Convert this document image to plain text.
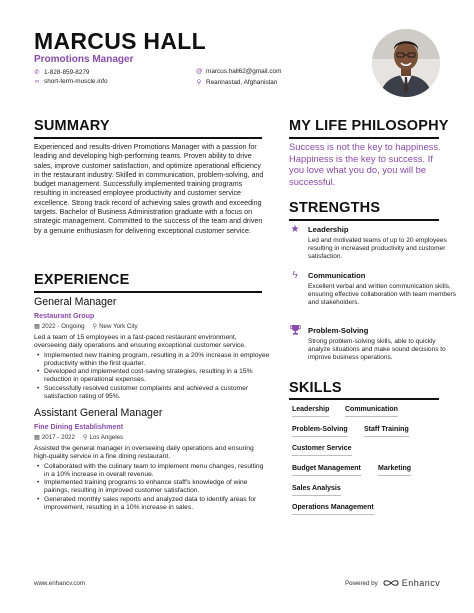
MARCUS HALL
Promotions Manager
✆ 1-828-859-8279
∞ short-term-muscle.info
@ marcus.hall62@gmail.com
⚲ Reannastad, Afghanistan
SUMMARY
Experienced and results-driven Promotions Manager with a passion for leading and developing high-performing teams. Proven ability to drive sales, improve customer satisfaction, and optimize operational efficiency in the restaurant industry. Skilled in communication, problem-solving, and budget management. Successfully implemented training programs resulting in increased employee productivity and customer service excellence. Strong track record of achieving sales growth and exceeding targets. Bachelor of Business Administration graduate with a focus on strategic management. Committed to the success of the team and driven by a genuine enthusiasm for delivering exceptional customer service.
EXPERIENCE
General Manager
Restaurant Group
▦ 2022 - Ongoing ⚲ New York City
Led a team of 15 employees in a fast-paced restaurant environment, overseeing daily operations and ensuring exceptional customer service.
• Implemented new training program, resulting in a 20% increase in employee productivity within the first quarter.
• Developed and implemented cost-saving strategies, resulting in a 15% reduction in operational expenses.
• Successfully resolved customer complaints and achieved a customer satisfaction rating of 95%.
Assistant General Manager
Fine Dining Establishment
▦ 2017 - 2022 ⚲ Los Angeles
Assisted the general manager in overseeing daily operations and ensuring high-quality service in a fine dining restaurant.
• Collaborated with the culinary team to implement menu changes, resulting in a 10% increase in overall revenue.
• Implemented training programs to enhance staff's knowledge of wine pairings, resulting in improved customer satisfaction.
• Generated monthly sales reports and analyzed data to identify areas for improvement, resulting in a 10% increase in sales.
MY LIFE PHILOSOPHY
Success is not the key to happiness. Happiness is the key to success. If you love what you do, you will be successful.
STRENGTHS
★ Leadership
Led and motivated teams of up to 20 employees resulting in increased productivity and customer satisfaction.
ϟ	Communication
Excellent verbal and written communication skills, ensuring effective collaboration with team members and stakeholders.
Problem-Solving
Strong problem-solving skills, able to quickly analyze situations and make sound decisions to improve business operations.
SKILLS
Leadership Communication
Problem-Solving Staff Training
Customer Service
Budget Management Marketing
Sales Analysis
Operations Management
www.enhancv.com	Powered by	Enhancv
